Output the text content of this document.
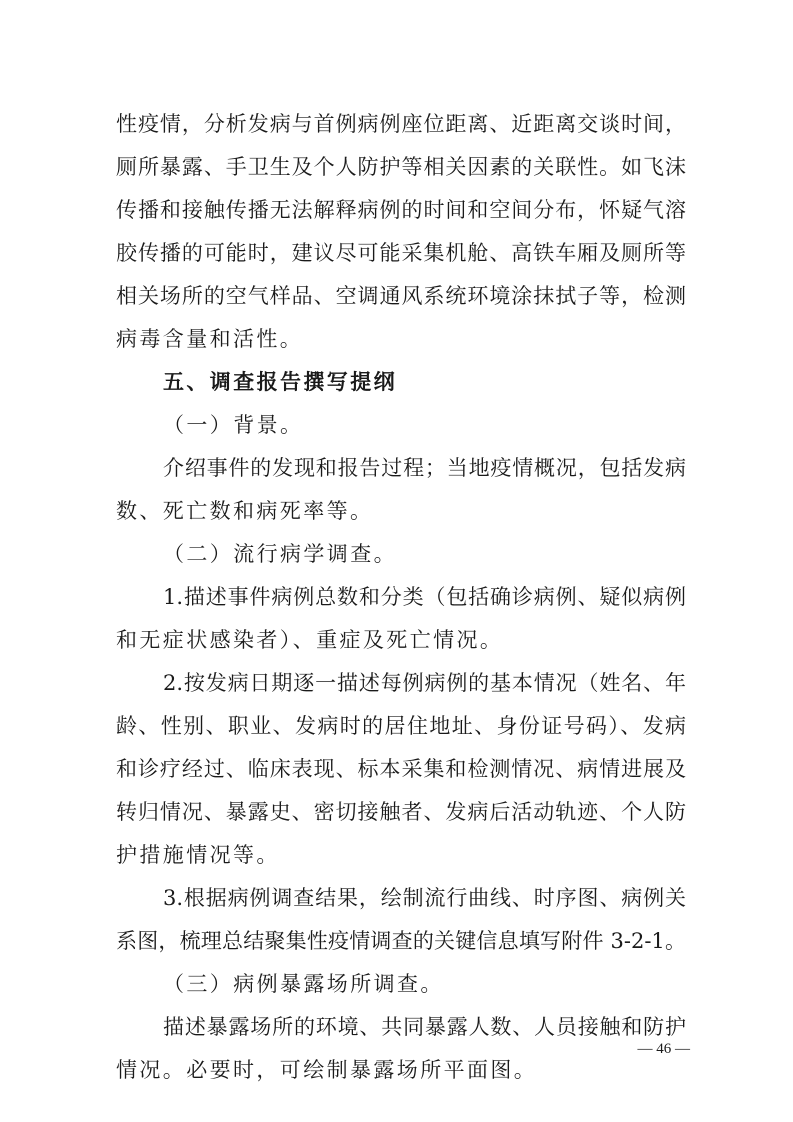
性疫情，分析发病与首例病例座位距离、近距离交谈时间，
厕所暴露、手卫生及个人防护等相关因素的关联性。如飞沫
传播和接触传播无法解释病例的时间和空间分布，怀疑气溶
胶传播的可能时，建议尽可能采集机舱、高铁车厢及厕所等
相关场所的空气样品、空调通风系统环境涂抹拭子等，检测
病毒含量和活性。
五、调查报告撰写提纲
（一）背景。
介绍事件的发现和报告过程；当地疫情概况，包括发病
数、死亡数和病死率等。
（二）流行病学调查。
1.描述事件病例总数和分类（包括确诊病例、疑似病例
和无症状感染者）、重症及死亡情况。
2.按发病日期逐一描述每例病例的基本情况（姓名、年
龄、性别、职业、发病时的居住地址、身份证号码）、发病
和诊疗经过、临床表现、标本采集和检测情况、病情进展及
转归情况、暴露史、密切接触者、发病后活动轨迹、个人防
护措施情况等。
3.根据病例调查结果，绘制流行曲线、时序图、病例关
系图，梳理总结聚集性疫情调查的关键信息填写附件 3-2-1。
（三）病例暴露场所调查。
描述暴露场所的环境、共同暴露人数、人员接触和防护
情况。必要时，可绘制暴露场所平面图。
— 46 —
